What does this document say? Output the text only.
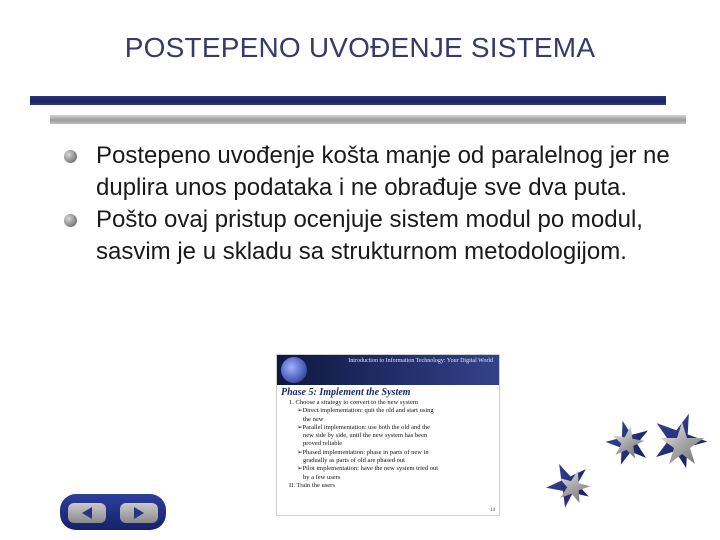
POSTEPENO UVOĐENJE SISTEMA
Postepeno uvođenje košta manje od paralelnog jer ne duplira unos podataka i ne obrađuje sve dva puta.
Pošto ovaj pristup ocenjuje sistem modul po modul, sasvim je u skladu sa strukturnom metodologijom.
Introduction to Information Technology: Your Digital World
Phase 5: Implement the System
1. Choose a strategy to convert to the new system
➢Direct implementation: quit the old and start using
the new
➢Parallel implementation: use both the old and the
new side by side, until the new system has been
proved reliable
➢Phased implementation: phase in parts of new in
gradually as parts of old are phased out
➢Pilot implementation: have the new system tried out
by a few users
II. Train the users
14
